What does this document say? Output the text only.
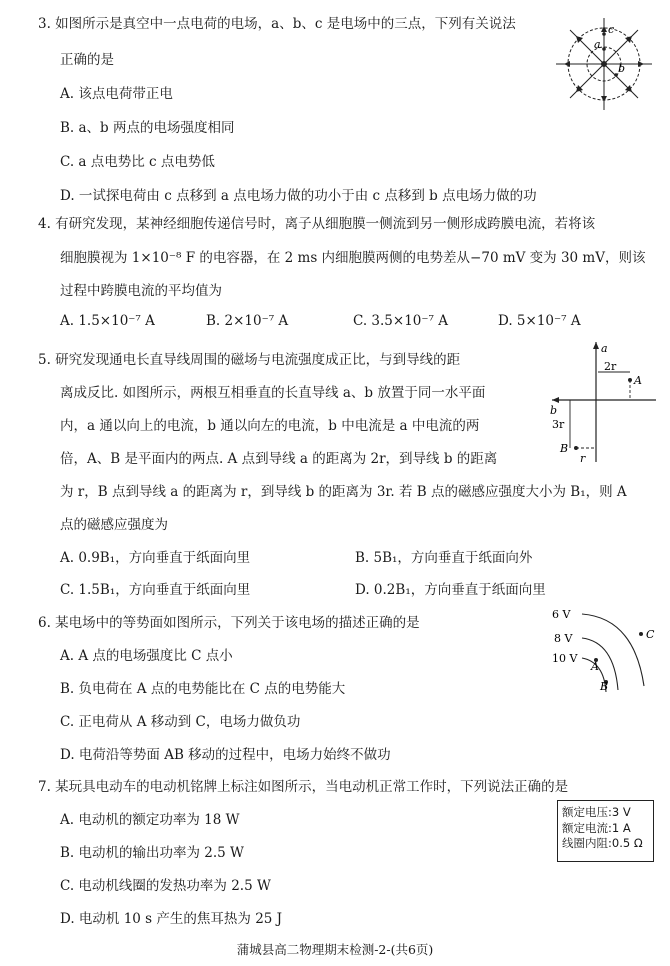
3. 如图所示是真空中一点电荷的电场，a、b、c 是电场中的三点，下列有关说法
正确的是
A. 该点电荷带正电
B. a、b 两点的电场强度相同
C. a 点电势比 c 点电势低
D. 一试探电荷由 c 点移到 a 点电场力做的功小于由 c 点移到 b 点电场力做的功
c
a
b
4. 有研究发现，某神经细胞传递信号时，离子从细胞膜一侧流到另一侧形成跨膜电流，若将该
细胞膜视为 1×10⁻⁸ F 的电容器，在 2 ms 内细胞膜两侧的电势差从−70 mV 变为 30 mV，则该
过程中跨膜电流的平均值为
A. 1.5×10⁻⁷ A	B. 2×10⁻⁷ A	C. 3.5×10⁻⁷ A	D. 5×10⁻⁷ A
5. 研究发现通电长直导线周围的磁场与电流强度成正比，与到导线的距
离成反比. 如图所示，两根互相垂直的长直导线 a、b 放置于同一水平面
内，a 通以向上的电流，b 通以向左的电流，b 中电流是 a 中电流的两
倍，A、B 是平面内的两点. A 点到导线 a 的距离为 2r，到导线 b 的距离
为 r，B 点到导线 a 的距离为 r，到导线 b 的距离为 3r. 若 B 点的磁感应强度大小为 B₁，则 A
点的磁感应强度为
A. 0.9B₁，方向垂直于纸面向里	B. 5B₁，方向垂直于纸面向外
C. 1.5B₁，方向垂直于纸面向里	D. 0.2B₁，方向垂直于纸面向里
a
b
2r
3r
r
A
B
6. 某电场中的等势面如图所示，下列关于该电场的描述正确的是
A. A 点的电场强度比 C 点小
B. 负电荷在 A 点的电势能比在 C 点的电势能大
C. 正电荷从 A 移动到 C，电场力做负功
D. 电荷沿等势面 AB 移动的过程中，电场力始终不做功
6 V
8 V
10 V
A
B
C
7. 某玩具电动车的电动机铭牌上标注如图所示，当电动机正常工作时，下列说法正确的是
A. 电动机的额定功率为 18 W
B. 电动机的输出功率为 2.5 W
C. 电动机线圈的发热功率为 2.5 W
D. 电动机 10 s 产生的焦耳热为 25 J
额定电压:3 V
额定电流:1 A
线圈内阻:0.5 Ω
蒲城县高二物理期末检测-2-(共6页)
